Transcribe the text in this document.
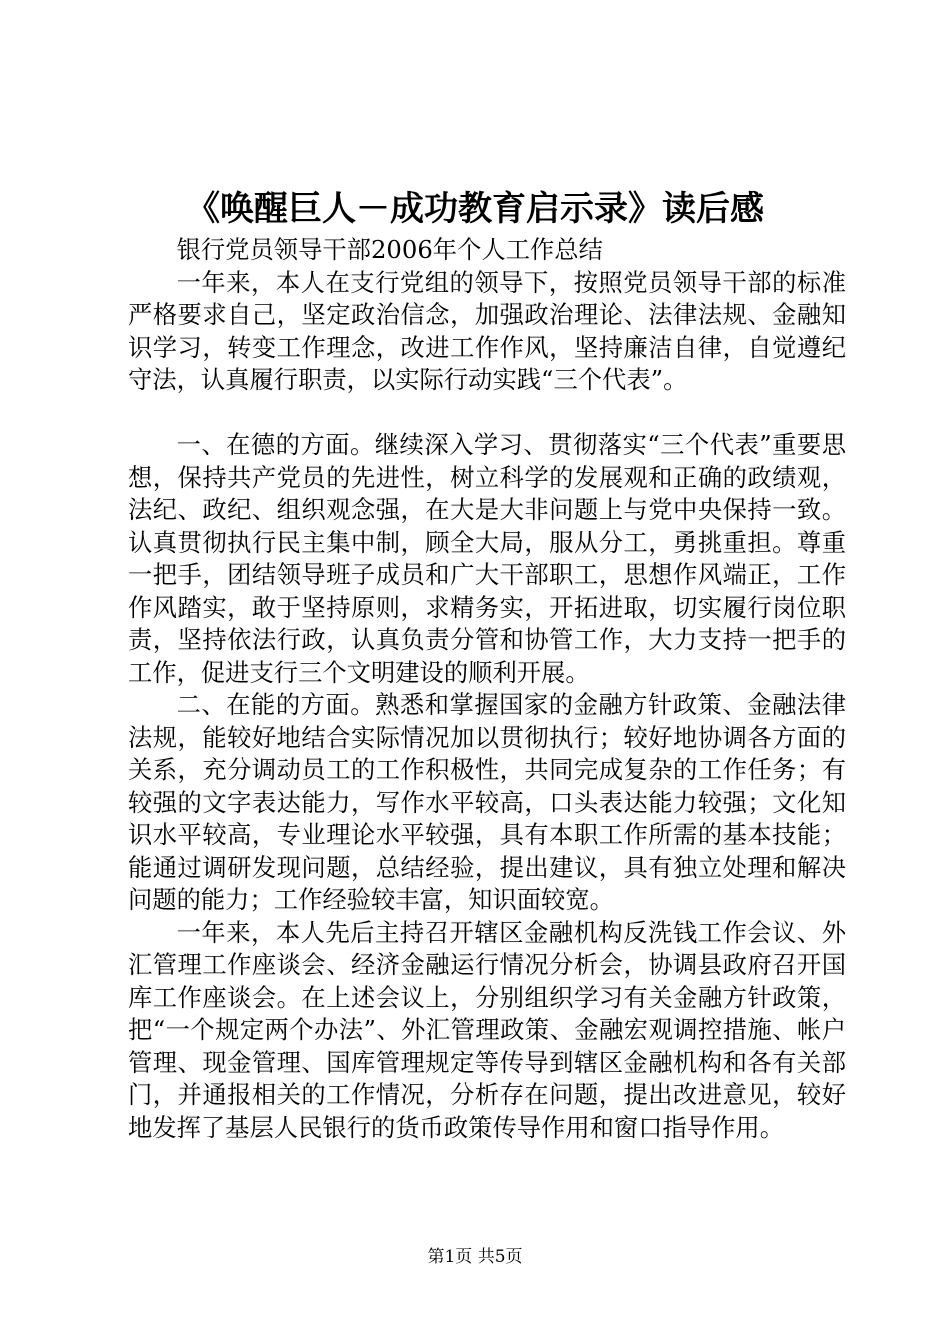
《唤醒巨人－成功教育启示录》读后感

银行党员领导干部2006年个人工作总结

一年来，本人在支行党组的领导下，按照党员领导干部的标准严格要求自己，坚定政治信念，加强政治理论、法律法规、金融知识学习，转变工作理念，改进工作作风，坚持廉洁自律，自觉遵纪守法，认真履行职责，以实际行动实践“三个代表”。

一、在德的方面。继续深入学习、贯彻落实“三个代表”重要思想，保持共产党员的先进性，树立科学的发展观和正确的政绩观，法纪、政纪、组织观念强，在大是大非问题上与党中央保持一致。认真贯彻执行民主集中制，顾全大局，服从分工，勇挑重担。尊重一把手，团结领导班子成员和广大干部职工，思想作风端正，工作作风踏实，敢于坚持原则，求精务实，开拓进取，切实履行岗位职责，坚持依法行政，认真负责分管和协管工作，大力支持一把手的工作，促进支行三个文明建设的顺利开展。

二、在能的方面。熟悉和掌握国家的金融方针政策、金融法律法规，能较好地结合实际情况加以贯彻执行；较好地协调各方面的关系，充分调动员工的工作积极性，共同完成复杂的工作任务；有较强的文字表达能力，写作水平较高，口头表达能力较强；文化知识水平较高，专业理论水平较强，具有本职工作所需的基本技能；能通过调研发现问题，总结经验，提出建议，具有独立处理和解决问题的能力；工作经验较丰富，知识面较宽。

一年来，本人先后主持召开辖区金融机构反洗钱工作会议、外汇管理工作座谈会、经济金融运行情况分析会，协调县政府召开国库工作座谈会。在上述会议上，分别组织学习有关金融方针政策，把“一个规定两个办法”、外汇管理政策、金融宏观调控措施、帐户管理、现金管理、国库管理规定等传导到辖区金融机构和各有关部门，并通报相关的工作情况，分析存在问题，提出改进意见，较好地发挥了基层人民银行的货币政策传导作用和窗口指导作用。

第1页 共5页
